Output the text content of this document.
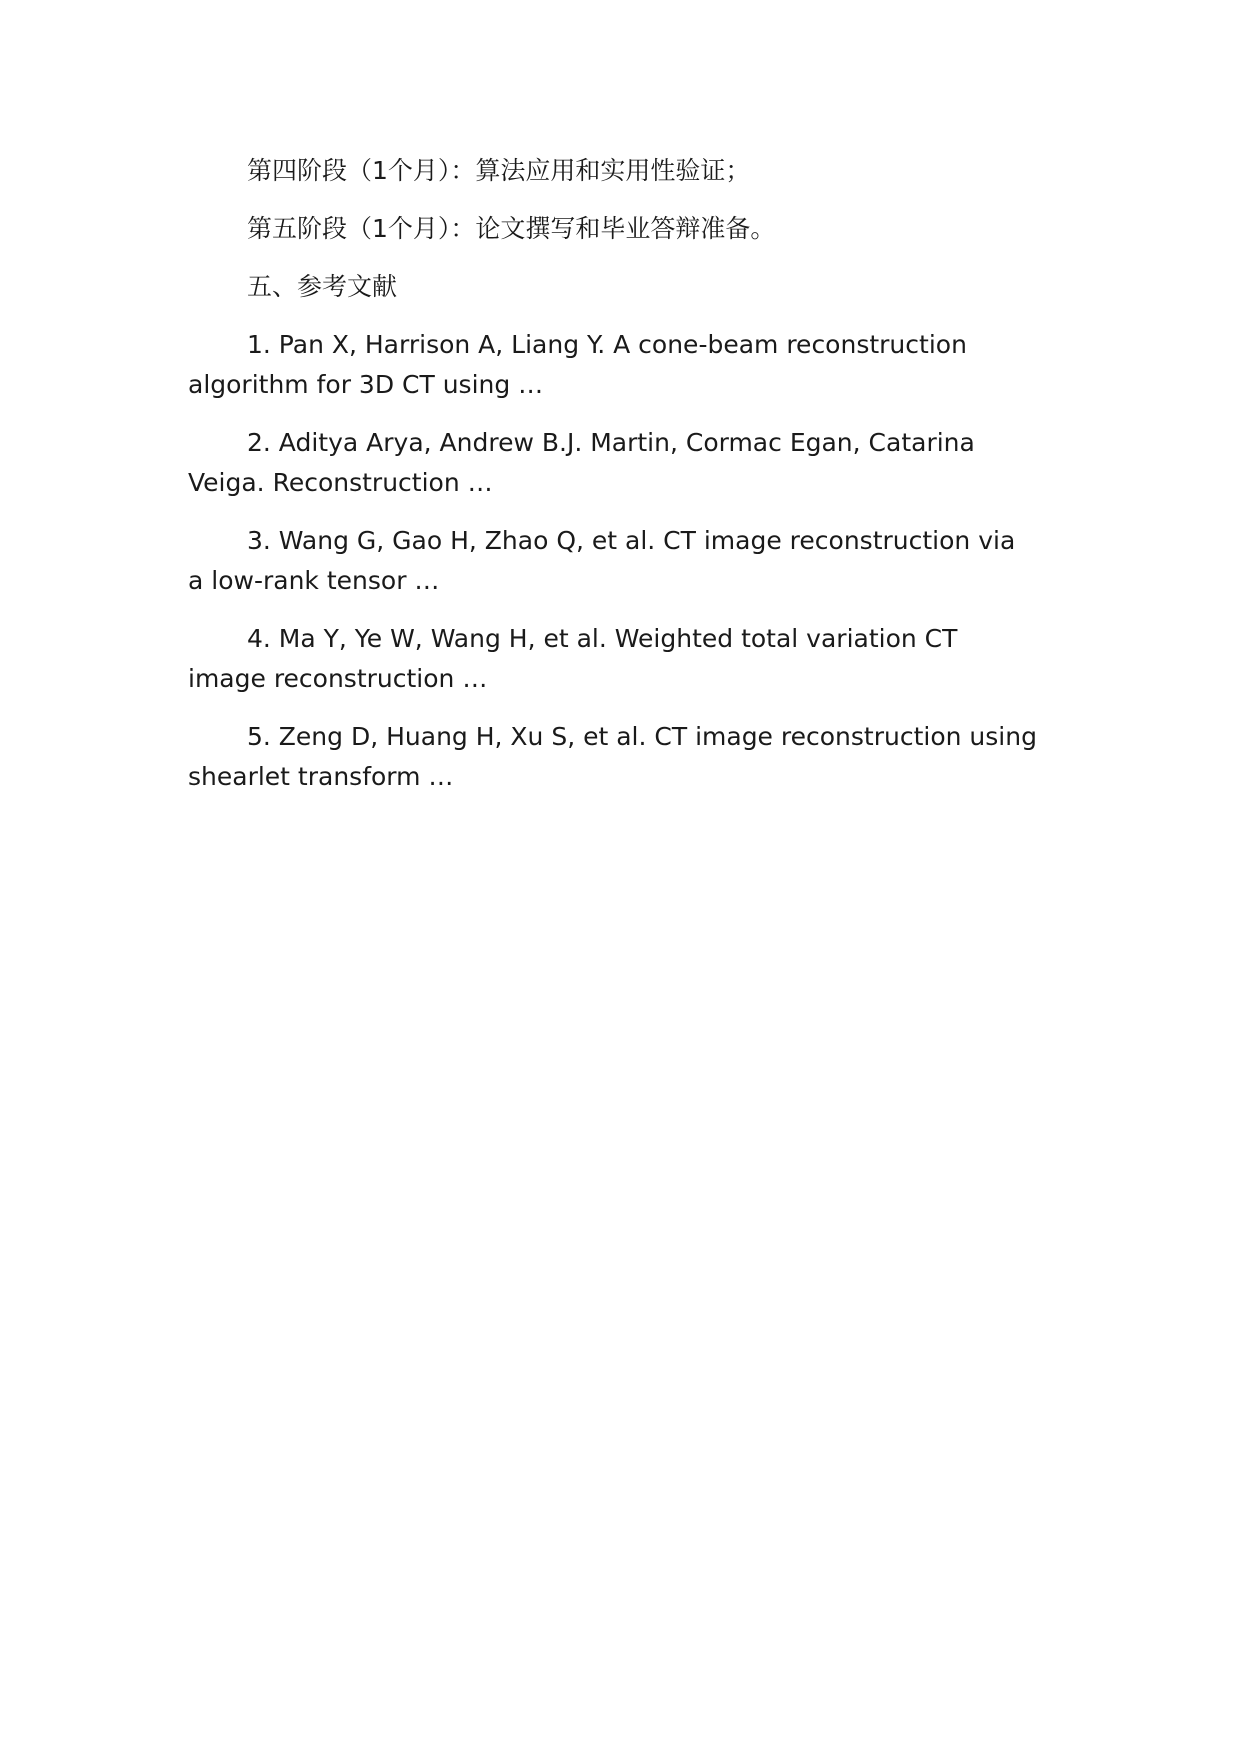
第四阶段（1个月）：算法应用和实用性验证；

第五阶段（1个月）：论文撰写和毕业答辩准备。

五、参考文献

1. Pan X, Harrison A, Liang Y. A cone-beam reconstruction algorithm for 3D CT using …

2. Aditya Arya, Andrew B.J. Martin, Cormac Egan, Catarina Veiga. Reconstruction …

3. Wang G, Gao H, Zhao Q, et al. CT image reconstruction via a low-rank tensor …

4. Ma Y, Ye W, Wang H, et al. Weighted total variation CT image reconstruction …

5. Zeng D, Huang H, Xu S, et al. CT image reconstruction using shearlet transform …
